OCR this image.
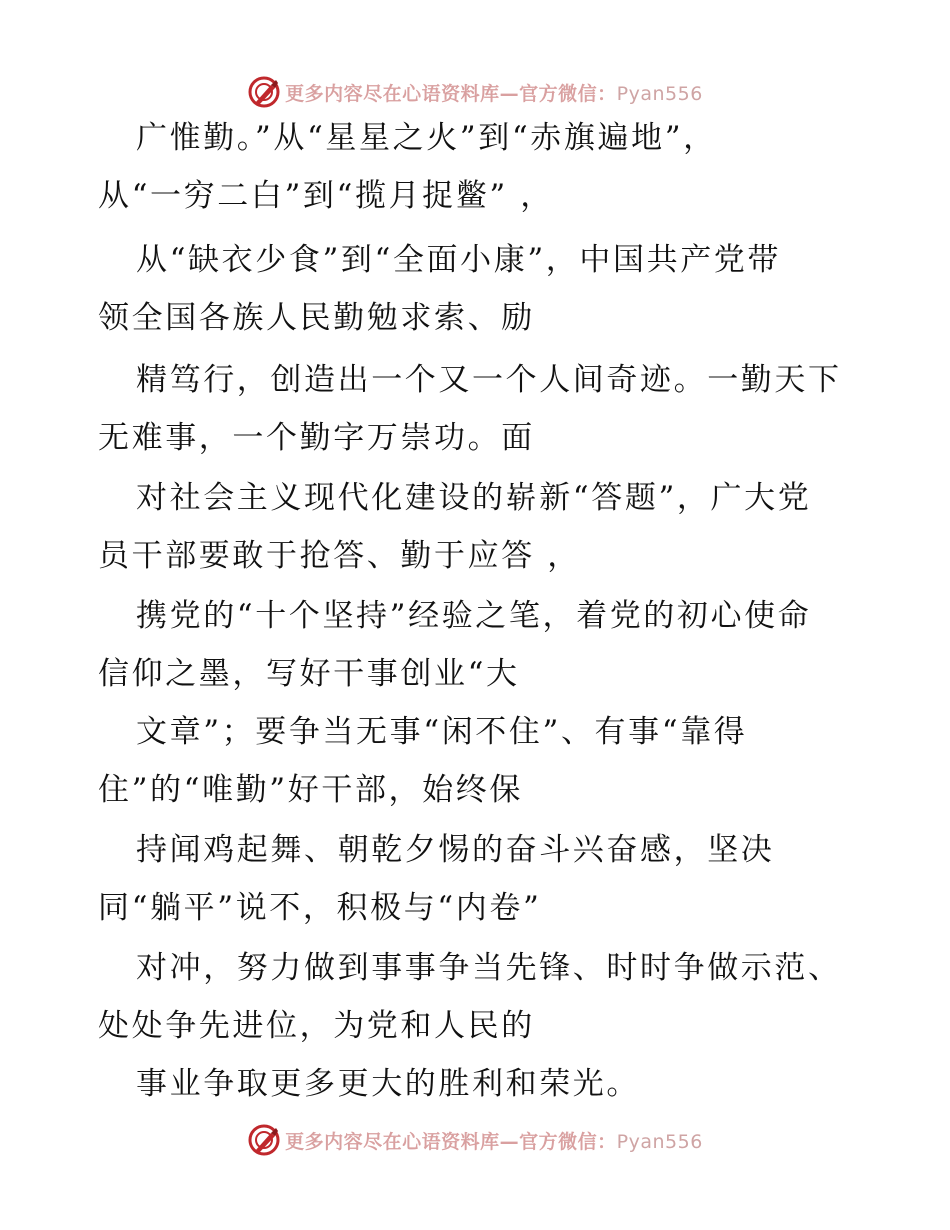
更多内容尽在心语资料库—官方微信：Pyan556
广惟勤。”从“星星之火”到“赤旗遍地”，
从“一穷二白”到“揽月捉鳖” ，
从“缺衣少食”到“全面小康”，中国共产党带
领全国各族人民勤勉求索、励
精笃行，创造出一个又一个人间奇迹。一勤天下
无难事，一个勤字万崇功。面
对社会主义现代化建设的崭新“答题”，广大党
员干部要敢于抢答、勤于应答 ，
携党的“十个坚持”经验之笔，着党的初心使命
信仰之墨，写好干事创业“大
文章”；要争当无事“闲不住”、有事“靠得
住”的“唯勤”好干部，始终保
持闻鸡起舞、朝乾夕惕的奋斗兴奋感，坚决
同“躺平”说不，积极与“内卷”
对冲，努力做到事事争当先锋、时时争做示范、
处处争先进位，为党和人民的
事业争取更多更大的胜利和荣光。
更多内容尽在心语资料库—官方微信：Pyan556
